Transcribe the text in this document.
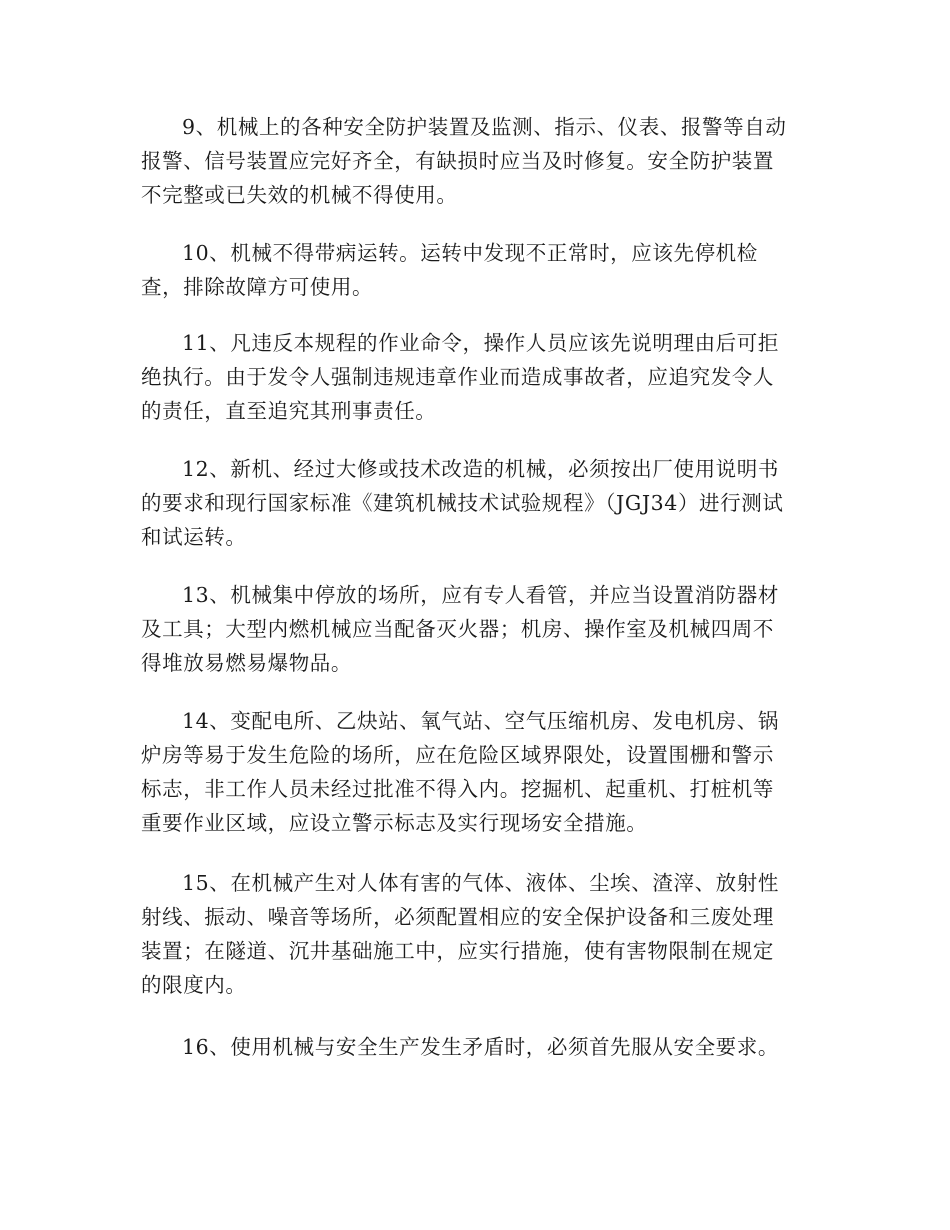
9、机械上的各种安全防护装置及监测、指示、仪表、报警等自动
报警、信号装置应完好齐全，有缺损时应当及时修复。安全防护装置
不完整或已失效的机械不得使用。

10、机械不得带病运转。运转中发现不正常时，应该先停机检
查，排除故障方可使用。

11、凡违反本规程的作业命令，操作人员应该先说明理由后可拒
绝执行。由于发令人强制违规违章作业而造成事故者，应追究发令人
的责任，直至追究其刑事责任。

12、新机、经过大修或技术改造的机械，必须按出厂使用说明书
的要求和现行国家标准《建筑机械技术试验规程》（JGJ34）进行测试
和试运转。

13、机械集中停放的场所，应有专人看管，并应当设置消防器材
及工具；大型内燃机械应当配备灭火器；机房、操作室及机械四周不
得堆放易燃易爆物品。

14、变配电所、乙炔站、氧气站、空气压缩机房、发电机房、锅
炉房等易于发生危险的场所，应在危险区域界限处，设置围栅和警示
标志，非工作人员未经过批准不得入内。挖掘机、起重机、打桩机等
重要作业区域，应设立警示标志及实行现场安全措施。

15、在机械产生对人体有害的气体、液体、尘埃、渣滓、放射性
射线、振动、噪音等场所，必须配置相应的安全保护设备和三废处理
装置；在隧道、沉井基础施工中，应实行措施，使有害物限制在规定
的限度内。

16、使用机械与安全生产发生矛盾时，必须首先服从安全要求。
